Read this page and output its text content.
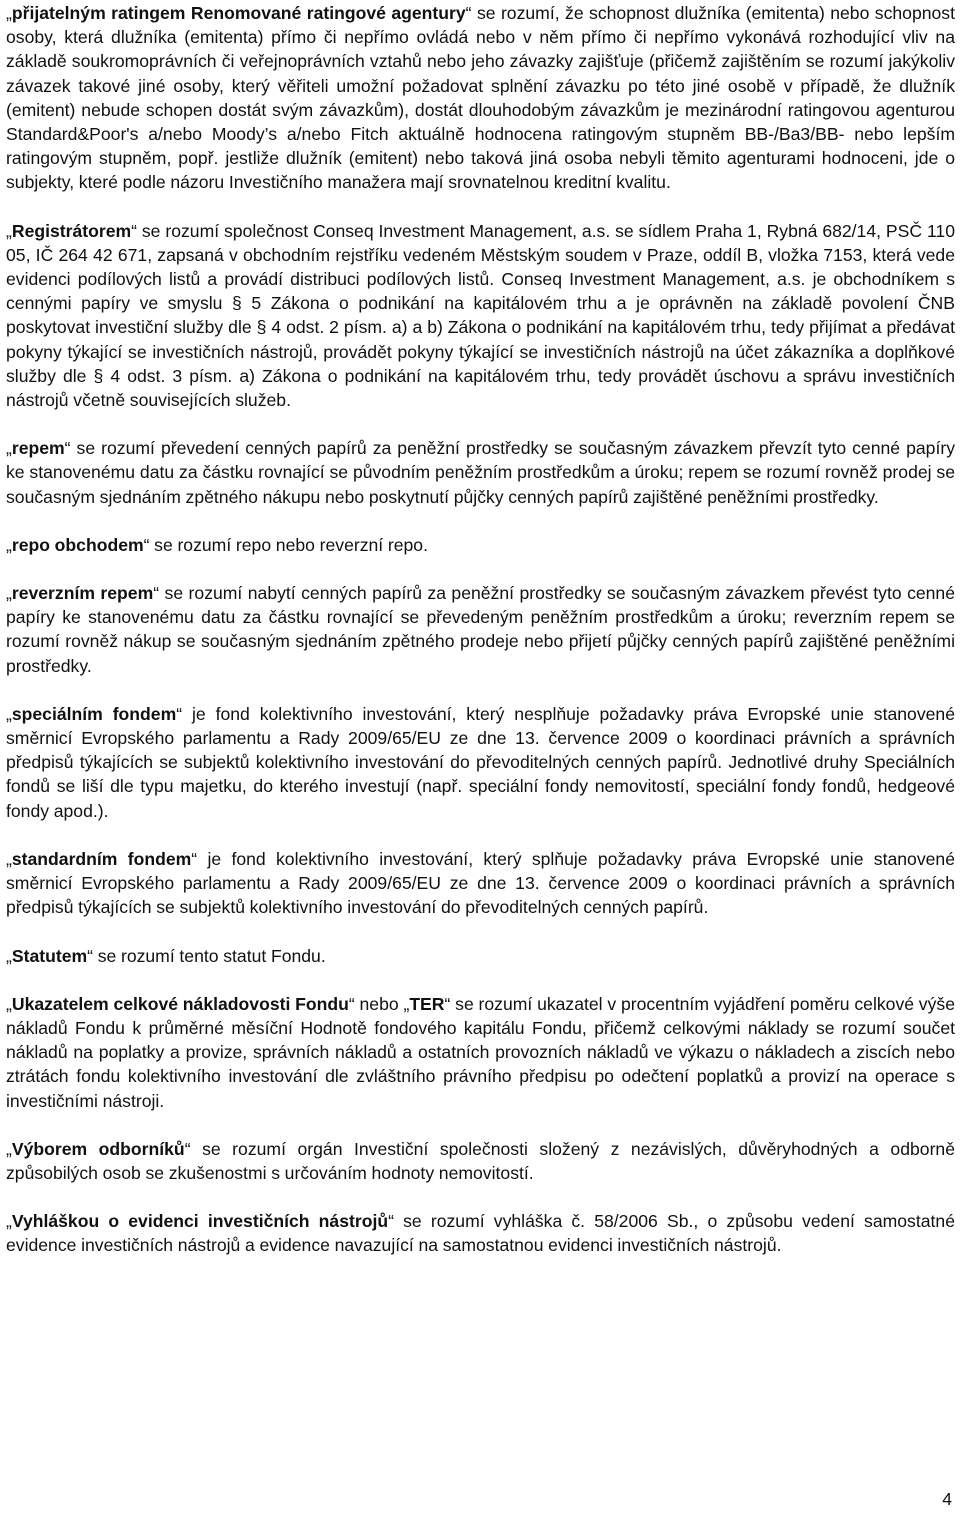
„přijatelným ratingem Renomované ratingové agentury“ se rozumí, že schopnost dlužníka (emitenta) nebo schopnost osoby, která dlužníka (emitenta) přímo či nepřímo ovládá nebo v něm přímo či nepřímo vykonává rozhodující vliv na základě soukromoprávních či veřejnoprávních vztahů nebo jeho závazky zajišťuje (přičemž zajištěním se rozumí jakýkoliv závazek takové jiné osoby, který věřiteli umožní požadovat splnění závazku po této jiné osobě v případě, že dlužník (emitent) nebude schopen dostát svým závazkům), dostát dlouhodobým závazkům je mezinárodní ratingovou agenturou Standard&Poor's a/nebo Moody’s a/nebo Fitch aktuálně hodnocena ratingovým stupněm BB-/Ba3/BB- nebo lepším ratingovým stupněm, popř. jestliže dlužník (emitent) nebo taková jiná osoba nebyli těmito agenturami hodnoceni, jde o subjekty, které podle názoru Investičního manažera mají srovnatelnou kreditní kvalitu.

„Registrátorem“ se rozumí společnost Conseq Investment Management, a.s. se sídlem Praha 1, Rybná 682/14, PSČ 110 05, IČ 264 42 671, zapsaná v obchodním rejstříku vedeném Městským soudem v Praze, oddíl B, vložka 7153, která vede evidenci podílových listů a provádí distribuci podílových listů. Conseq Investment Management, a.s. je obchodníkem s cennými papíry ve smyslu § 5 Zákona o podnikání na kapitálovém trhu a je oprávněn na základě povolení ČNB poskytovat investiční služby dle § 4 odst. 2 písm. a) a b) Zákona o podnikání na kapitálovém trhu, tedy přijímat a předávat pokyny týkající se investičních nástrojů, provádět pokyny týkající se investičních nástrojů na účet zákazníka a doplňkové služby dle § 4 odst. 3 písm. a) Zákona o podnikání na kapitálovém trhu, tedy provádět úschovu a správu investičních nástrojů včetně souvisejících služeb.

„repem“ se rozumí převedení cenných papírů za peněžní prostředky se současným závazkem převzít tyto cenné papíry ke stanovenému datu za částku rovnající se původním peněžním prostředkům a úroku; repem se rozumí rovněž prodej se současným sjednáním zpětného nákupu nebo poskytnutí půjčky cenných papírů zajištěné peněžními prostředky.

„repo obchodem“ se rozumí repo nebo reverzní repo.

„reverzním repem“ se rozumí nabytí cenných papírů za peněžní prostředky se současným závazkem převést tyto cenné papíry ke stanovenému datu za částku rovnající se převedeným peněžním prostředkům a úroku; reverzním repem se rozumí rovněž nákup se současným sjednáním zpětného prodeje nebo přijetí půjčky cenných papírů zajištěné peněžními prostředky.

„speciálním fondem“ je fond kolektivního investování, který nesplňuje požadavky práva Evropské unie stanovené směrnicí Evropského parlamentu a Rady 2009/65/EU ze dne 13. července 2009 o koordinaci právních a správních předpisů týkajících se subjektů kolektivního investování do převoditelných cenných papírů. Jednotlivé druhy Speciálních fondů se liší dle typu majetku, do kterého investují (např. speciální fondy nemovitostí, speciální fondy fondů, hedgeové fondy apod.).

„standardním fondem“ je fond kolektivního investování, který splňuje požadavky práva Evropské unie stanovené směrnicí Evropského parlamentu a Rady 2009/65/EU ze dne 13. července 2009 o koordinaci právních a správních předpisů týkajících se subjektů kolektivního investování do převoditelných cenných papírů.

„Statutem“ se rozumí tento statut Fondu.

„Ukazatelem celkové nákladovosti Fondu“ nebo „TER“ se rozumí ukazatel v procentním vyjádření poměru celkové výše nákladů Fondu k průměrné měsíční Hodnotě fondového kapitálu Fondu, přičemž celkovými náklady se rozumí součet nákladů na poplatky a provize, správních nákladů a ostatních provozních nákladů ve výkazu o nákladech a ziscích nebo ztrátách fondu kolektivního investování dle zvláštního právního předpisu po odečtení poplatků a provizí na operace s investičními nástroji.

„Výborem odborníků“ se rozumí orgán Investiční společnosti složený z nezávislých, důvěryhodných a odborně způsobilých osob se zkušenostmi s určováním hodnoty nemovitostí.

„Vyhláškou o evidenci investičních nástrojů“ se rozumí vyhláška č. 58/2006 Sb., o způsobu vedení samostatné evidence investičních nástrojů a evidence navazující na samostatnou evidenci investičních nástrojů.

4
